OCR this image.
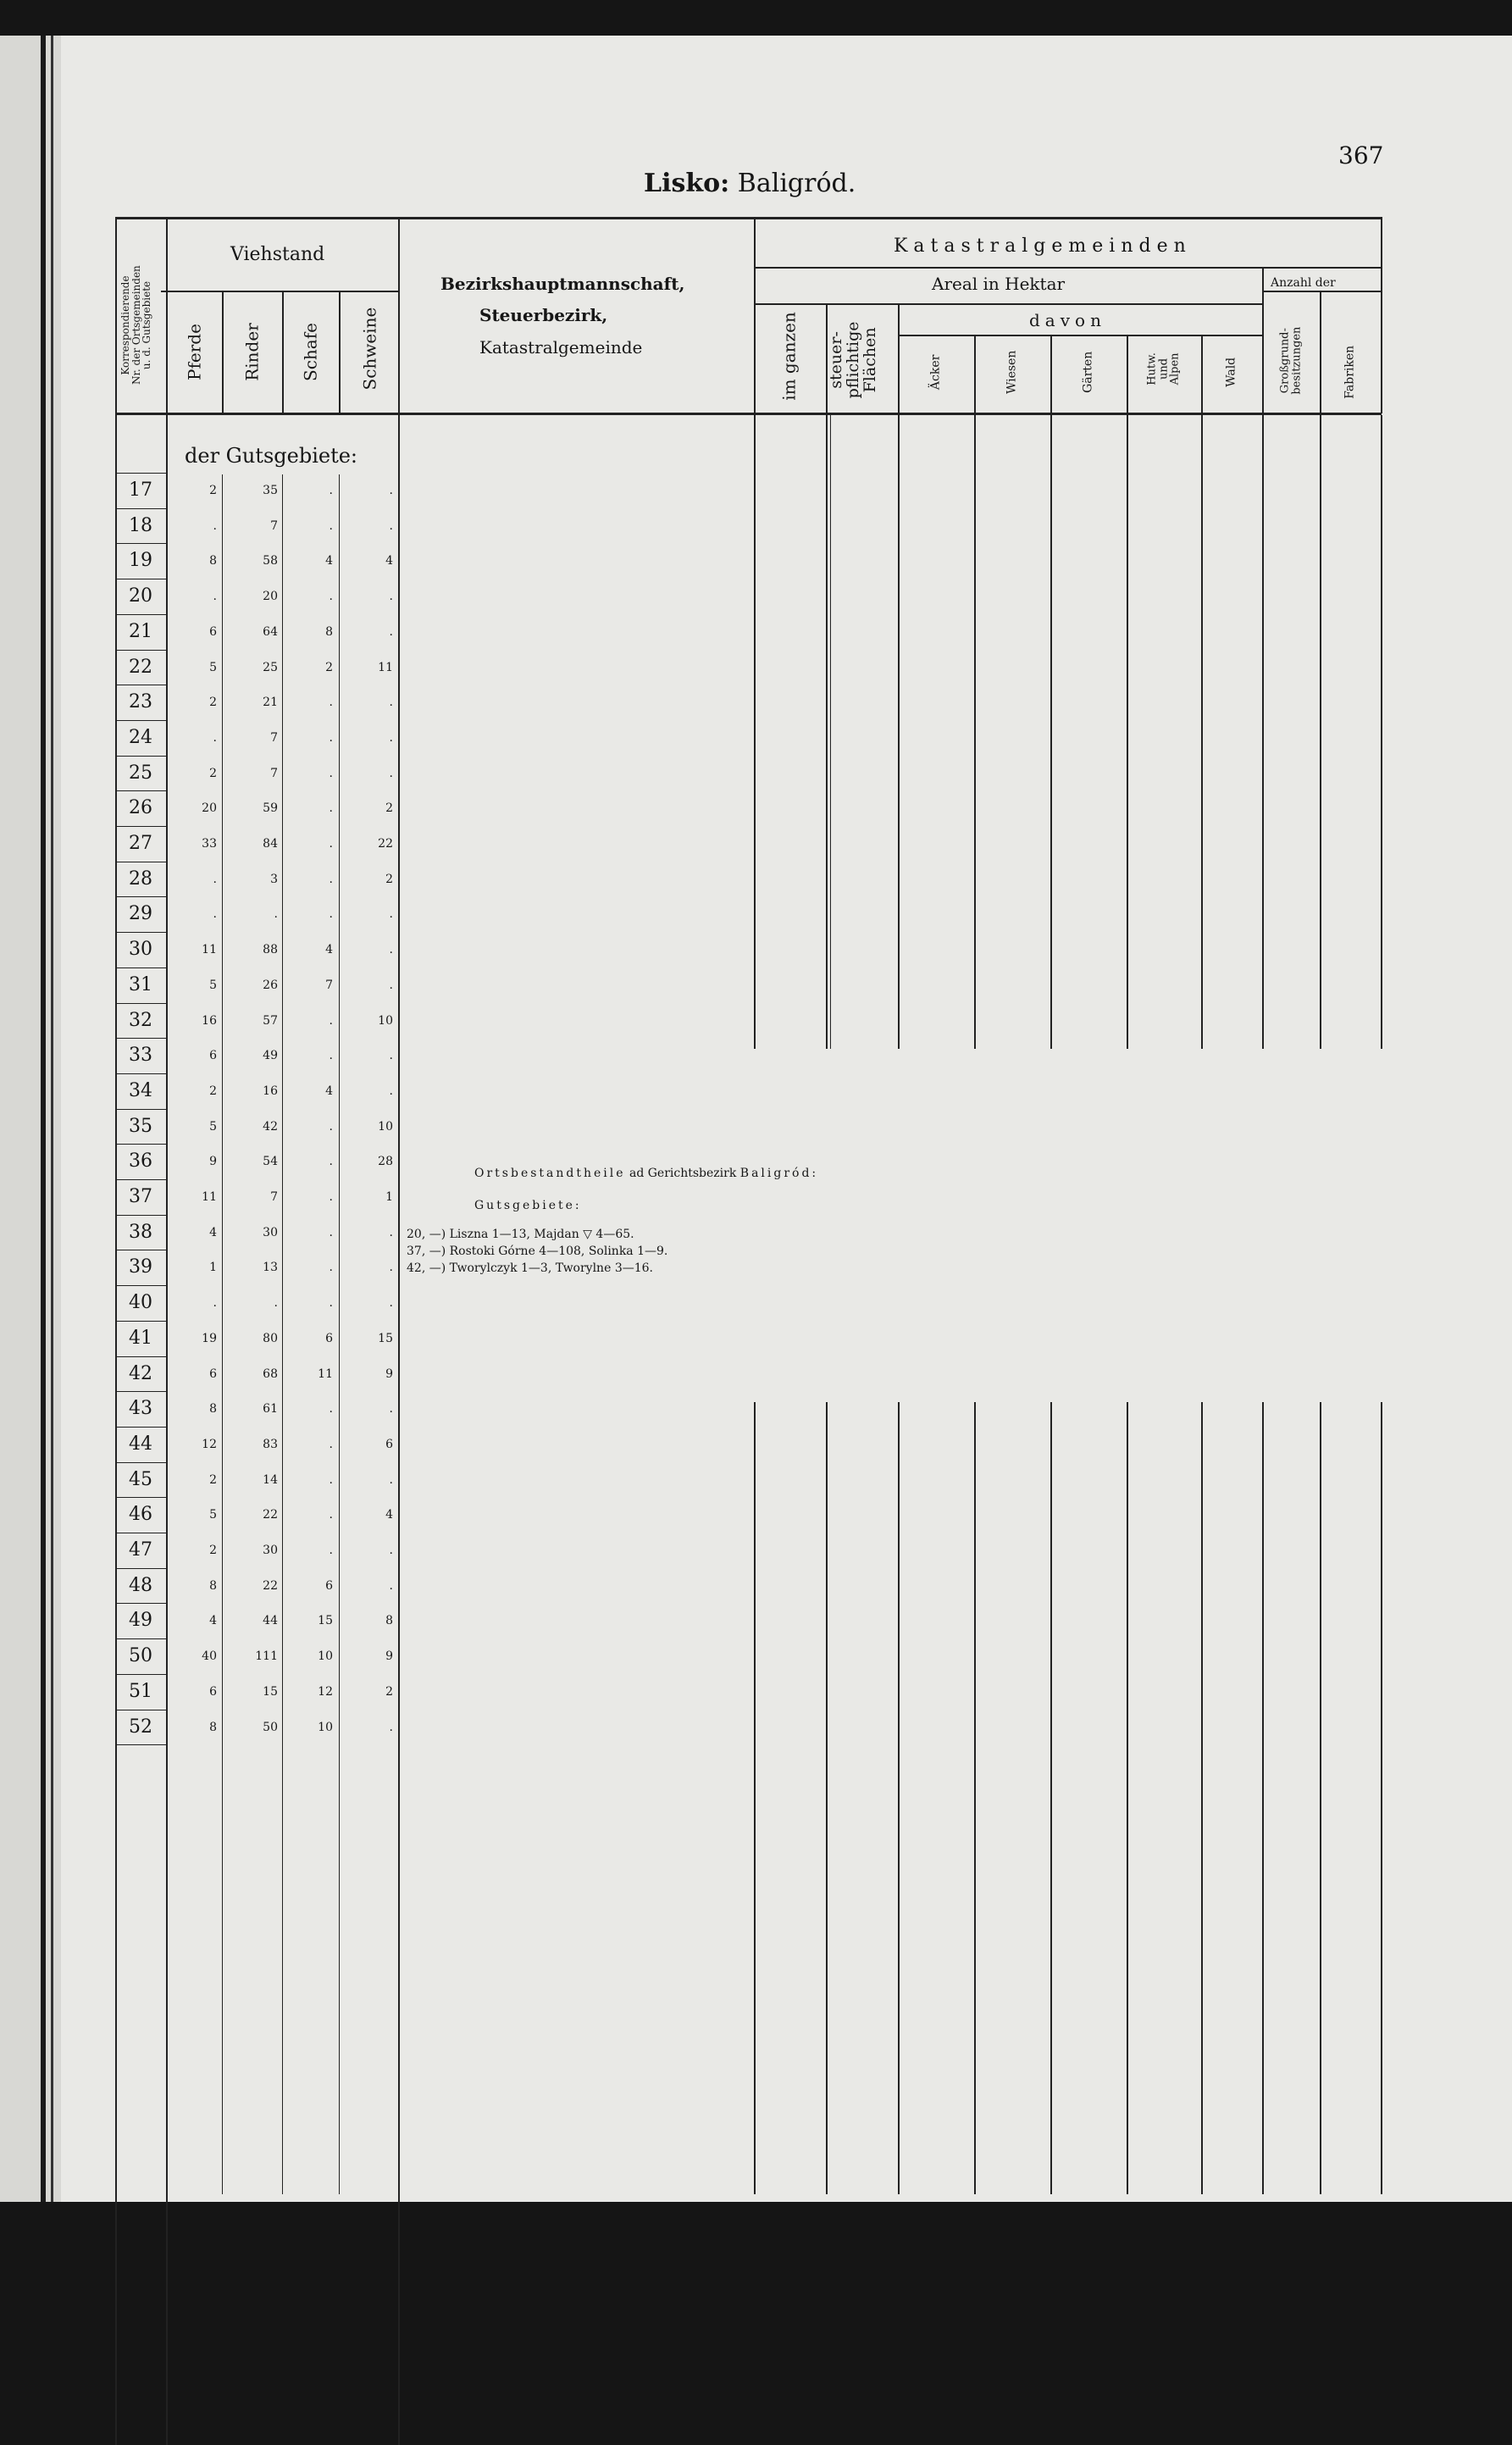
Lisko: Baligród.
367
Korrespondierende
Nr. der Ortsgemeinden
u. d. Gutsgebiete
Viehstand
Pferde Rinder Schafe Schweine
Bezirkshauptmannschaft,
Steuerbezirk,
Katastralgemeinde
Katastralgemeinden
Areal in Hektar	Anzahl der
davon
im ganzen steuer-
pflichtige
Flächen	Äcker	Wiesen	Gärten	Hutw.
und
Alpen	Wald	Großgrund-
besitzungen	Fabriken
der Gutsgebiete:
17	2	35	.	.
18	.	7	.	.
19	8	58	4	4
20	.	20	.	.
21	6	64	8	.
22	5	25	2	11
23	2	21	.	.
24	.	7	.	.
25	2	7	.	.
26	20	59	.	2
27	33	84	.	22
28	.	3	.	2
29	.	.	.	.
30	11	88	4	.
31	5	26	7	.
32	16	57	.	10
33	6	49	.	.
34	2	16	4	.
35	5	42	.	10
36	9	54	.	28
37	11	7	.	1
38	4	30	.	.
39	1	13	.	.
40	.	.	.	.
41	19	80	6	15
42	6	68	11	9
43	8	61	.	.
44	12	83	.	6
45	2	14	.	.
46	5	22	.	4
47	2	30	.	.
48	8	22	6	.
49	4	44	15	8
50	40	111	10	9
51	6	15	12	2
52	8	50	10	.
Ortsbestandtheile ad Gerichtsbezirk Baligród:
Gutsgebiete:
20, —) Liszna 1—13, Majdan ▽ 4—65.
37, —) Rostoki Górne 4—108, Solinka 1—9.
42, —) Tworylczyk 1—3, Tworylne 3—16.
